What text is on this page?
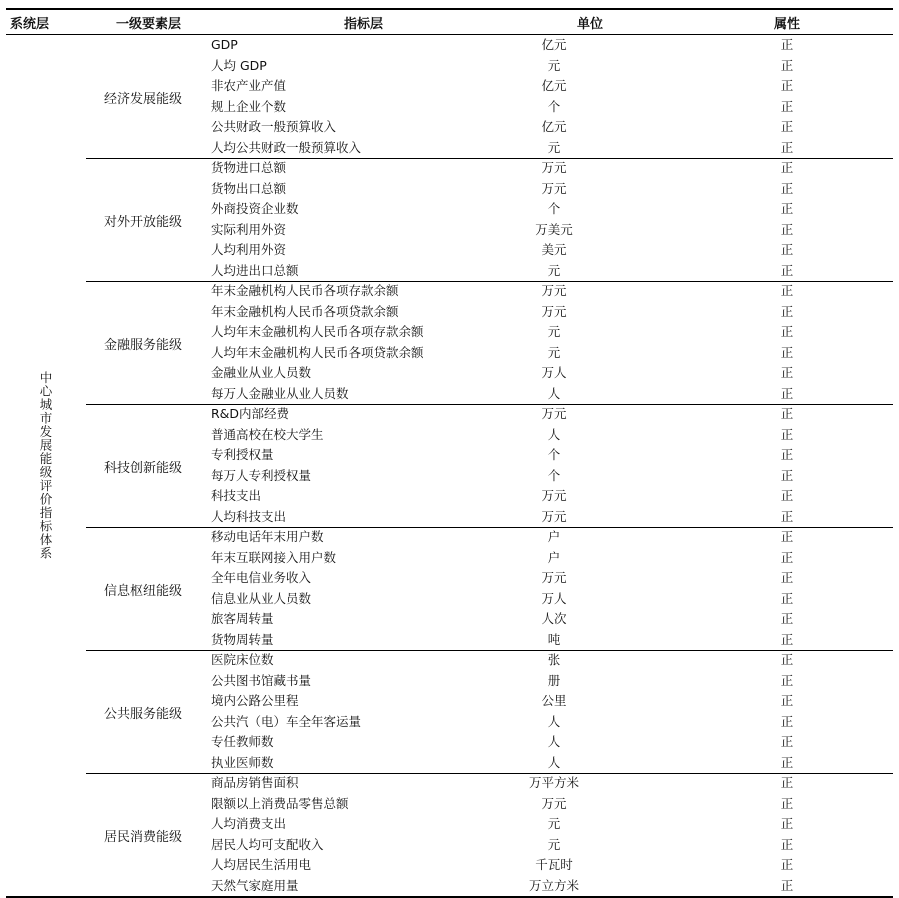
系统层	一级要素层	指标层	单位	属性
中心城市发展能级评价指标体系
经济发展能级
GDP	亿元	正
人均 GDP	元	正
非农产业产值	亿元	正
规上企业个数	个	正
公共财政一般预算收入	亿元	正
人均公共财政一般预算收入	元	正
对外开放能级
货物进口总额	万元	正
货物出口总额	万元	正
外商投资企业数	个	正
实际利用外资	万美元	正
人均利用外资	美元	正
人均进出口总额	元	正
金融服务能级
年末金融机构人民币各项存款余额	万元	正
年末金融机构人民币各项贷款余额	万元	正
人均年末金融机构人民币各项存款余额	元	正
人均年末金融机构人民币各项贷款余额	元	正
金融业从业人员数	万人	正
每万人金融业从业人员数	人	正
科技创新能级
R&D内部经费	万元	正
普通高校在校大学生	人	正
专利授权量	个	正
每万人专利授权量	个	正
科技支出	万元	正
人均科技支出	万元	正
信息枢纽能级
移动电话年末用户数	户	正
年末互联网接入用户数	户	正
全年电信业务收入	万元	正
信息业从业人员数	万人	正
旅客周转量	人次	正
货物周转量	吨	正
公共服务能级
医院床位数	张	正
公共图书馆藏书量	册	正
境内公路公里程	公里	正
公共汽（电）车全年客运量	人	正
专任教师数	人	正
执业医师数	人	正
居民消费能级
商品房销售面积	万平方米	正
限额以上消费品零售总额	万元	正
人均消费支出	元	正
居民人均可支配收入	元	正
人均居民生活用电	千瓦时	正
天然气家庭用量	万立方米	正
